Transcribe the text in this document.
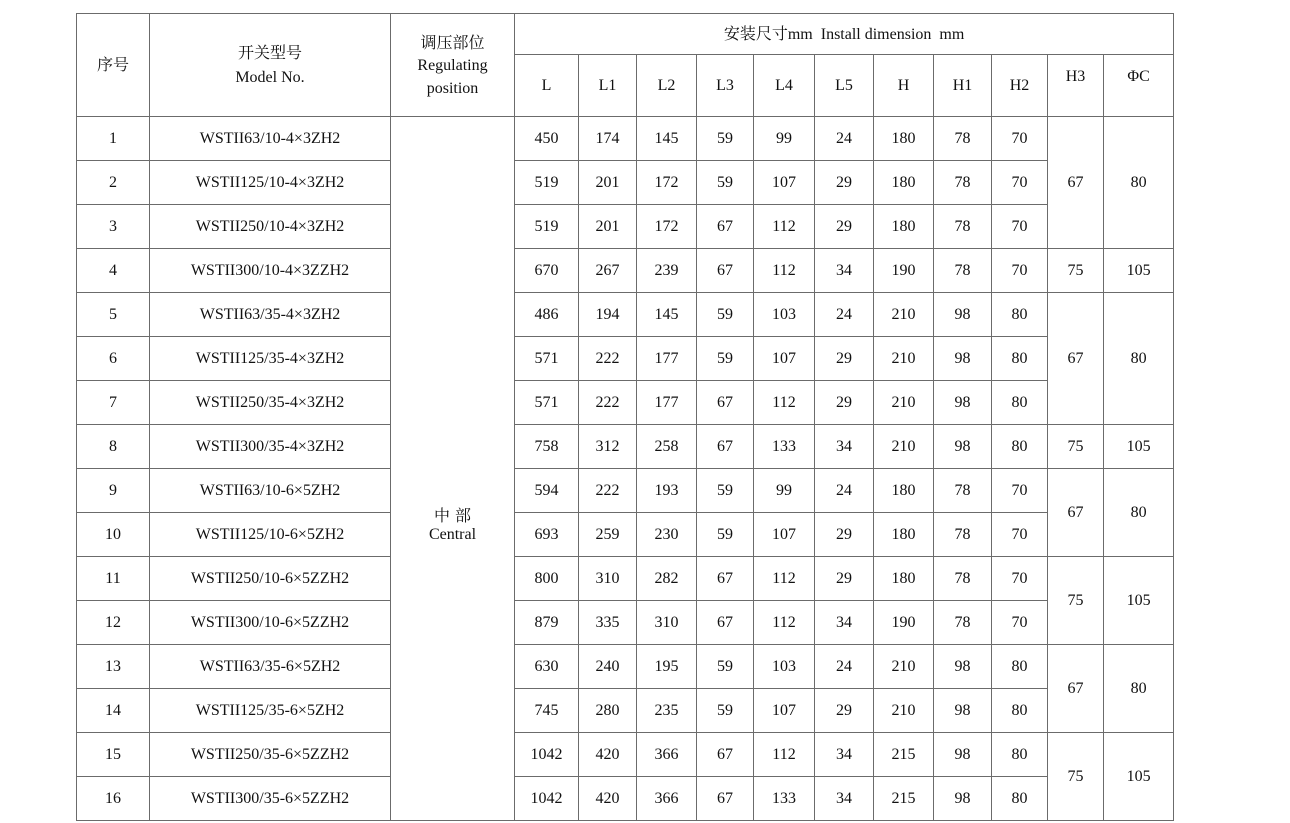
序号	开关型号
Model No.	调压部位
Regulating
position	安装尺寸mm  Install dimension  mm										
			L	L1	L2	L3	L4	L5	H	H1	H2	H3	ΦC
1	WSTII63/10-4×3ZH2	中 部
Central	450	174	145	59	99	24	180	78	70	67	80
2	WSTII125/10-4×3ZH2		519	201	172	59	107	29	180	78	70		
3	WSTII250/10-4×3ZH2		519	201	172	67	112	29	180	78	70		
4	WSTII300/10-4×3ZZH2		670	267	239	67	112	34	190	78	70	75	105
5	WSTII63/35-4×3ZH2		486	194	145	59	103	24	210	98	80	67	80
6	WSTII125/35-4×3ZH2		571	222	177	59	107	29	210	98	80		
7	WSTII250/35-4×3ZH2		571	222	177	67	112	29	210	98	80		
8	WSTII300/35-4×3ZH2		758	312	258	67	133	34	210	98	80	75	105
9	WSTII63/10-6×5ZH2		594	222	193	59	99	24	180	78	70	67	80
10	WSTII125/10-6×5ZH2		693	259	230	59	107	29	180	78	70		
11	WSTII250/10-6×5ZZH2		800	310	282	67	112	29	180	78	70	75	105
12	WSTII300/10-6×5ZZH2		879	335	310	67	112	34	190	78	70		
13	WSTII63/35-6×5ZH2		630	240	195	59	103	24	210	98	80	67	80
14	WSTII125/35-6×5ZH2		745	280	235	59	107	29	210	98	80		
15	WSTII250/35-6×5ZZH2		1042	420	366	67	112	34	215	98	80	75	105
16	WSTII300/35-6×5ZZH2		1042	420	366	67	133	34	215	98	80		
